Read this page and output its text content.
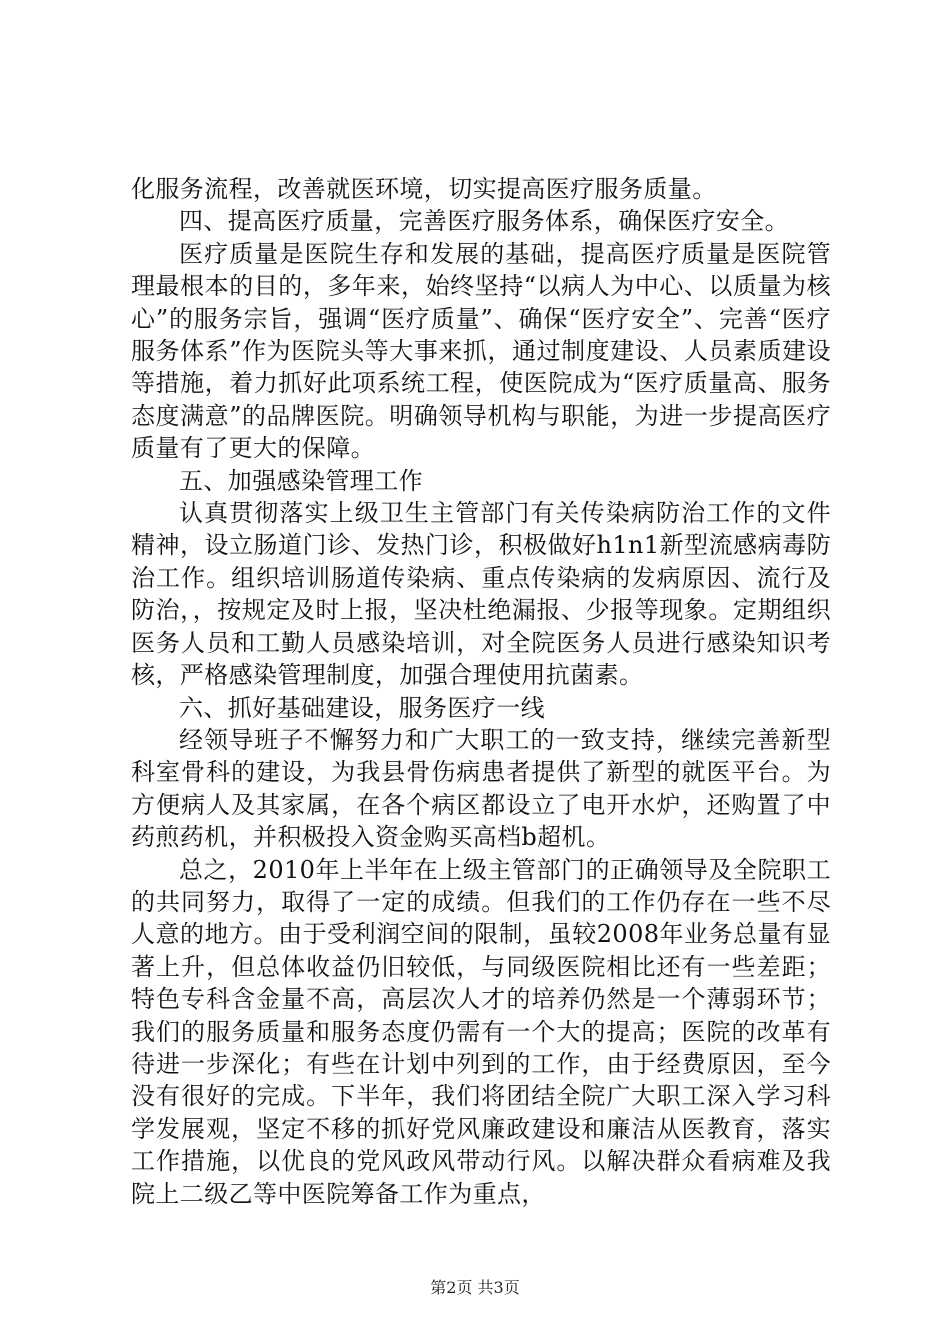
化服务流程，改善就医环境，切实提高医疗服务质量。

四、提高医疗质量，完善医疗服务体系，确保医疗安全。

医疗质量是医院生存和发展的基础，提高医疗质量是医院管理最根本的目的，多年来，始终坚持“以病人为中心、以质量为核心”的服务宗旨，强调“医疗质量”、确保“医疗安全”、完善“医疗服务体系”作为医院头等大事来抓，通过制度建设、人员素质建设等措施，着力抓好此项系统工程，使医院成为“医疗质量高、服务态度满意”的品牌医院。明确领导机构与职能，为进一步提高医疗质量有了更大的保障。

五、加强感染管理工作

认真贯彻落实上级卫生主管部门有关传染病防治工作的文件精神，设立肠道门诊、发热门诊，积极做好h1n1新型流感病毒防治工作。组织培训肠道传染病、重点传染病的发病原因、流行及防治，，按规定及时上报，坚决杜绝漏报、少报等现象。定期组织医务人员和工勤人员感染培训，对全院医务人员进行感染知识考核，严格感染管理制度，加强合理使用抗菌素。

六、抓好基础建设，服务医疗一线

经领导班子不懈努力和广大职工的一致支持，继续完善新型科室骨科的建设，为我县骨伤病患者提供了新型的就医平台。为方便病人及其家属，在各个病区都设立了电开水炉，还购置了中药煎药机，并积极投入资金购买高档b超机。

总之，2010年上半年在上级主管部门的正确领导及全院职工的共同努力，取得了一定的成绩。但我们的工作仍存在一些不尽人意的地方。由于受利润空间的限制，虽较2008年业务总量有显著上升，但总体收益仍旧较低，与同级医院相比还有一些差距；特色专科含金量不高，高层次人才的培养仍然是一个薄弱环节；我们的服务质量和服务态度仍需有一个大的提高；医院的改革有待进一步深化；有些在计划中列到的工作，由于经费原因，至今没有很好的完成。下半年，我们将团结全院广大职工深入学习科学发展观，坚定不移的抓好党风廉政建设和廉洁从医教育，落实工作措施，以优良的党风政风带动行风。以解决群众看病难及我院上二级乙等中医院筹备工作为重点，

第2页 共3页
